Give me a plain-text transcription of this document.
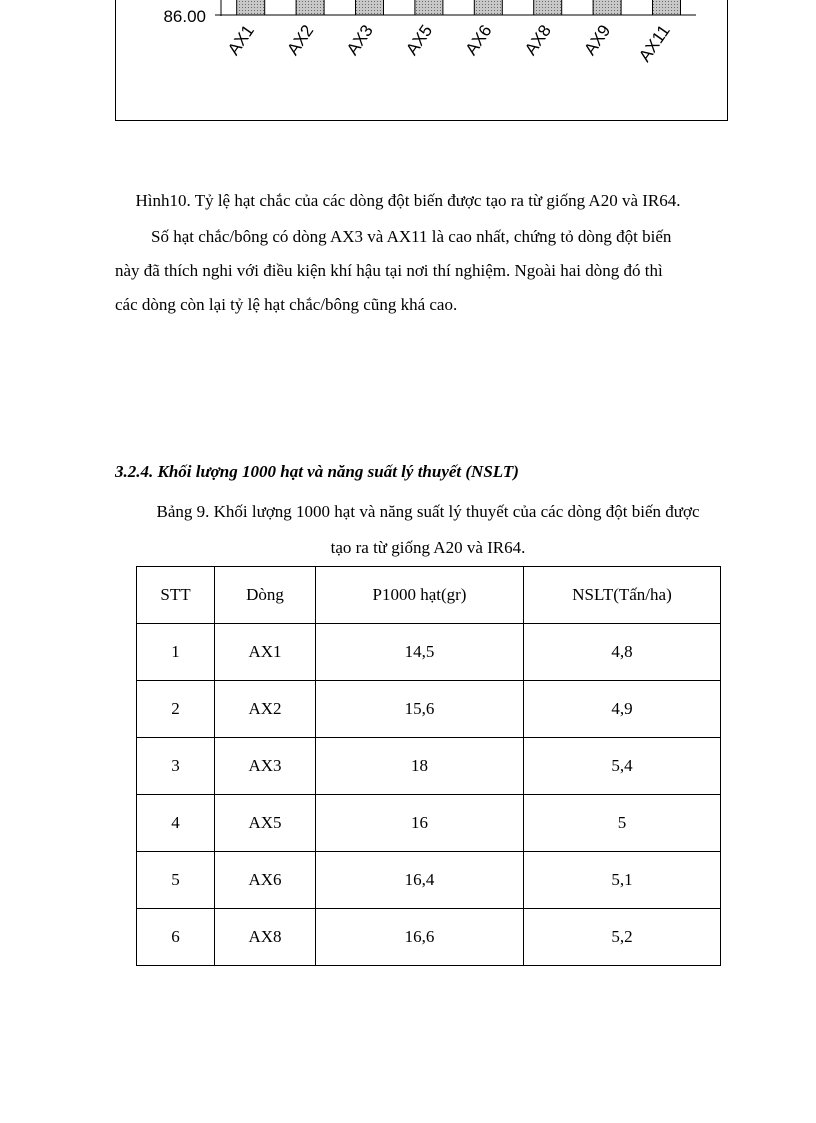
86.00
AX1 AX2 AX3 AX5 AX6 AX8 AX9 AX11
Hình10. Tỷ lệ hạt chắc của các dòng đột biến được tạo ra từ giống A20 và IR64.

Số hạt chắc/bông có dòng AX3 và AX11 là cao nhất, chứng tỏ dòng đột biến

này đã thích nghi với điều kiện khí hậu tại nơi thí nghiệm. Ngoài hai dòng đó thì

các dòng còn lại tỷ lệ hạt chắc/bông cũng khá cao.

3.2.4. Khối lượng 1000 hạt và năng suất lý thuyết (NSLT)
Bảng 9. Khối lượng 1000 hạt và năng suất lý thuyết của các dòng đột biến được
tạo ra từ giống A20 và IR64.
STT	Dòng	P1000 hạt(gr)	NSLT(Tấn/ha)
1	AX1	14,5	4,8
2	AX2	15,6	4,9
3	AX3	18	5,4
4	AX5	16	5
5	AX6	16,4	5,1
6	AX8	16,6	5,2
